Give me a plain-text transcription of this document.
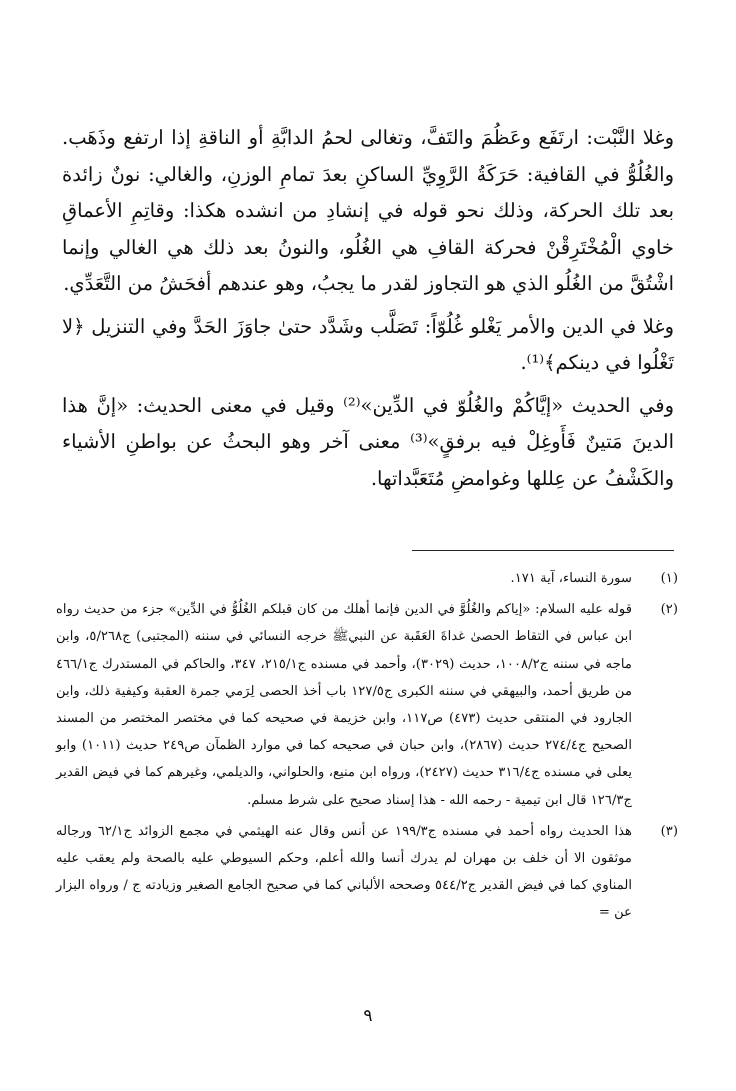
وغلا النَّبْت: ارتَفَع وعَظُمَ والتَفَّ، وتغالى لحمُ الدابَّةِ أو الناقةِ إذا ارتفع وذَهَب. والغُلُوُّ في القافية: حَرَكَةُ الرَّوِيِّ الساكنِ بعدَ تمامِ الوزنِ، والغالي: نونٌ زائدة بعد تلك الحركة، وذلك نحو قوله في إنشادِ من انشده هكذا: وقاتِمِ الأعماقِ خاوي الْمُخْتَرِقْنْ فحركة القافِ هي الغُلُو، والنونُ بعد ذلك هي الغالي وإنما اشْتُقَّ من الغُلُو الذي هو التجاوز لقدر ما يجبُ، وهو عندهم أفحَشُ من التَّعَدِّي.

وغلا في الدين والأمر يَغْلو غُلُوّاً: تَصَلَّب وشَدَّد حتىٰ جاوَزَ الحَدَّ وفي التنزيل ﴿لا تَغْلُوا في دينكم﴾⁽¹⁾.

وفي الحديث «إيَّاكُمْ والغُلُوّ في الدِّين»⁽²⁾ وقيل في معنى الحديث: «إنَّ هذا الدينَ مَتينٌ فَأَوغِلْ فيه برفقٍ»⁽³⁾ معنى آخر وهو البحثُ عن بواطنِ الأشياء والكَشْفُ عن عِللها وغوامضِ مُتَعَبَّداتها.

(١)
سورة النساء، آية ١٧١.
(٢)
قوله عليه السلام: «إياكم والغُلُوَّ في الدين فإنما أهلك من كان قبلكم الغُلُوُّ في الدِّين» جزء من حديث رواه ابن عباس في التقاط الحصىٰ غداةَ العَقَبة عن النبيﷺ خرجه النسائي في سننه (المجتبى) ج٥/٢٦٨، وابن ماجه في سننه ج١٠٠٨/٢، حديث (٣٠٢٩)، وأحمد في مسنده ج٢١٥/١، ٣٤٧، والحاكم في المستدرك ج٤٦٦/١ من طريق أحمد، والبيهقي في سننه الكبرى ج١٢٧/٥ باب أخذ الحصى لِرَمي جمرة العقبة وكيفية ذلك، وابن الجارود في المنتقى حديث (٤٧٣) ص١١٧، وابن خزيمة في صحيحه كما في مختصر المختصر من المسند الصحيح ج٢٧٤/٤ حديث (٢٨٦٧)، وابن حبان في صحيحه كما في موارد الظمآن ص٢٤٩ حديث (١٠١١) وابو يعلى في مسنده ج٣١٦/٤ حديث (٢٤٢٧)، ورواه ابن منيع، والحلواني، والديلمي، وغيرهم كما في فيض القدير ج١٢٦/٣ قال ابن تيمية - رحمه الله - هذا إسناد صحيح على شرط مسلم.
(٣)
هذا الحديث رواه أحمد في مسنده ج١٩٩/٣ عن أنس وقال عنه الهيثمي في مجمع الزوائد ج٦٢/١ ورجاله موثقون الا أن خلف بن مهران لم يدرك أنسا والله أعلم، وحكم السيوطي عليه بالصحة ولم يعقب عليه المناوي كما في فيض القدير ج٥٤٤/٢ وصححه الألباني كما في صحيح الجامع الصغير وزيادته ج / ورواه البزار عن =
٩
